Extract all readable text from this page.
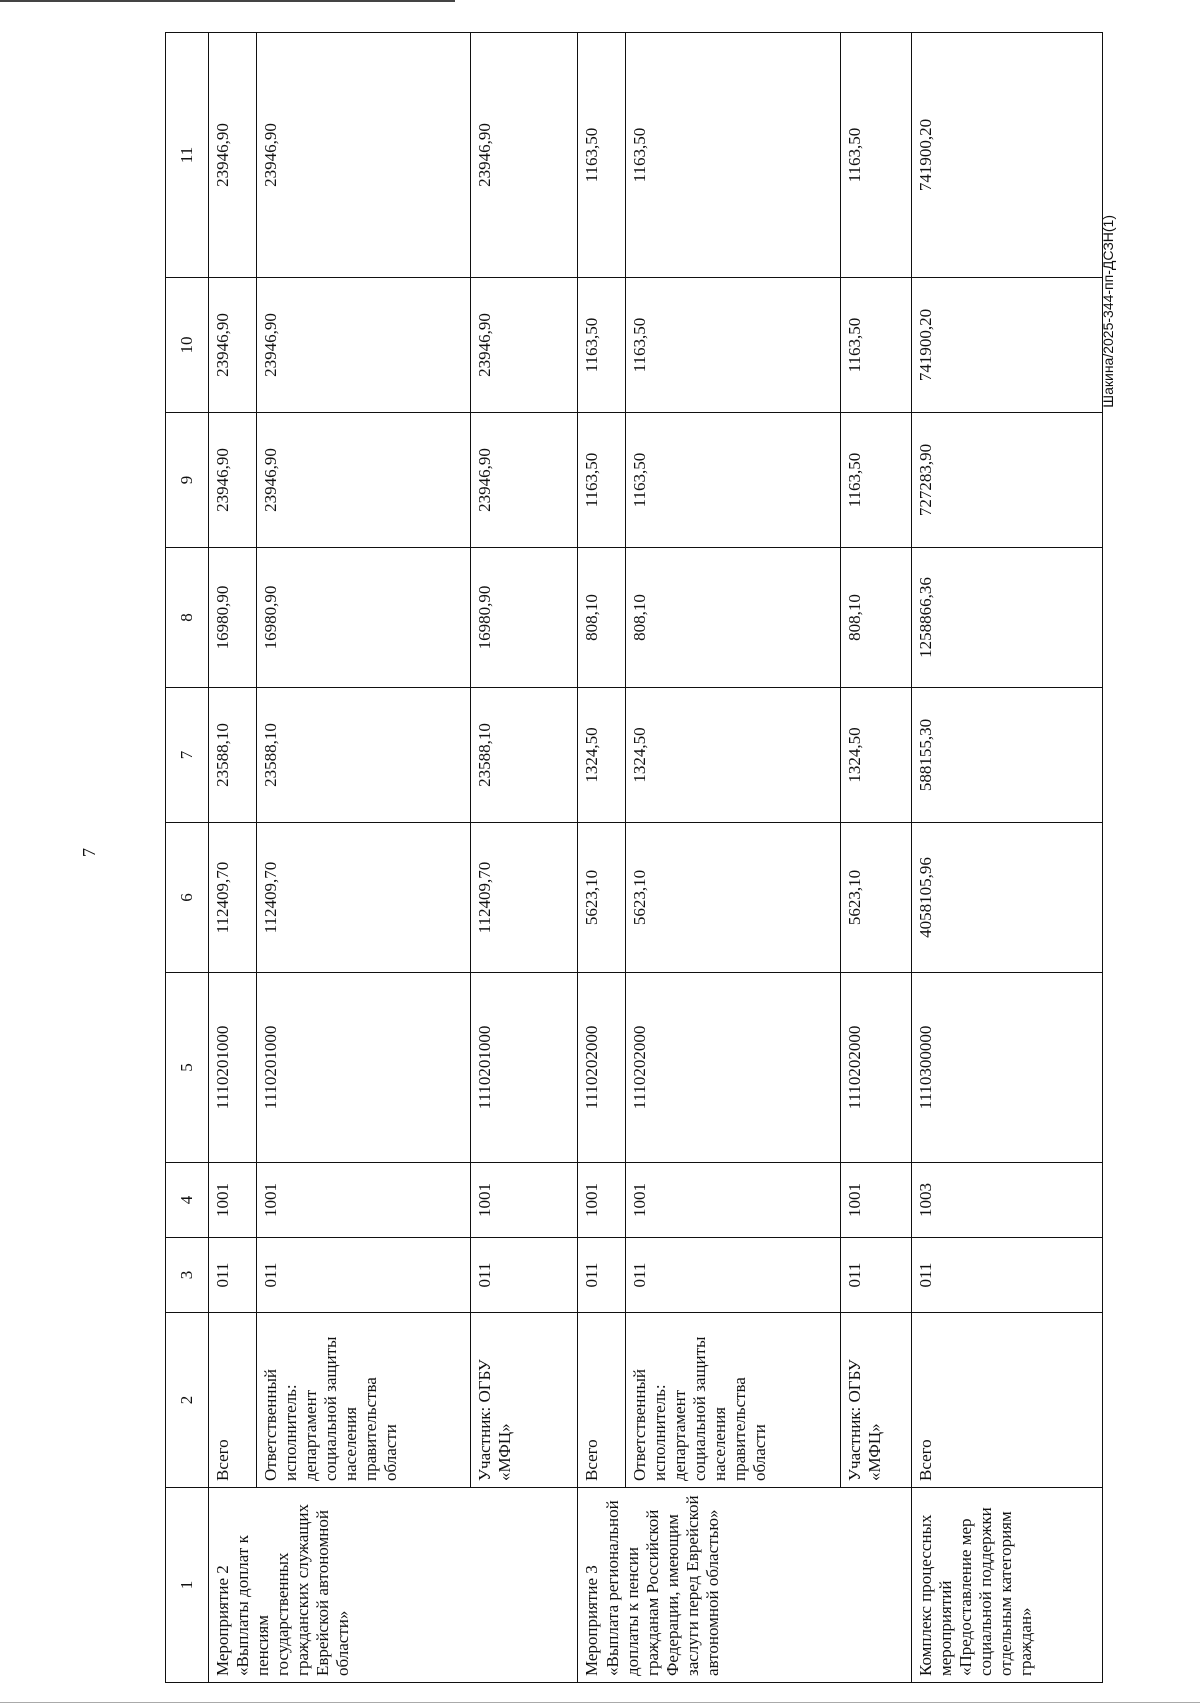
7
Шакина/2025-344-пп-ДСЗН(1)
1	2	3	4	5	6	7	8	9	10	11
Мероприятие 2 «Выплаты доплат к пенсиям государственных гражданских служащих Еврейской автономной области»	Всего	011	1001	1110201000	112409,70	23588,10	16980,90	23946,90	23946,90	23946,90
	Ответственный исполнитель: департамент социальной защиты населения правительства области	011	1001	1110201000	112409,70	23588,10	16980,90	23946,90	23946,90	23946,90
	Участник: ОГБУ «МФЦ»	011	1001	1110201000	112409,70	23588,10	16980,90	23946,90	23946,90	23946,90
Мероприятие 3 «Выплата региональной доплаты к пенсии гражданам Российской Федерации, имеющим заслуги перед Еврейской автономной областью»	Всего	011	1001	1110202000	5623,10	1324,50	808,10	1163,50	1163,50	1163,50
	Ответственный исполнитель: департамент социальной защиты населения правительства области	011	1001	1110202000	5623,10	1324,50	808,10	1163,50	1163,50	1163,50
	Участник: ОГБУ «МФЦ»	011	1001	1110202000	5623,10	1324,50	808,10	1163,50	1163,50	1163,50
Комплекс процессных мероприятий «Предоставление мер социальной поддержки отдельным категориям граждан»	Всего	011	1003	1110300000	4058105,96	588155,30	1258866,36	727283,90	741900,20	741900,20
